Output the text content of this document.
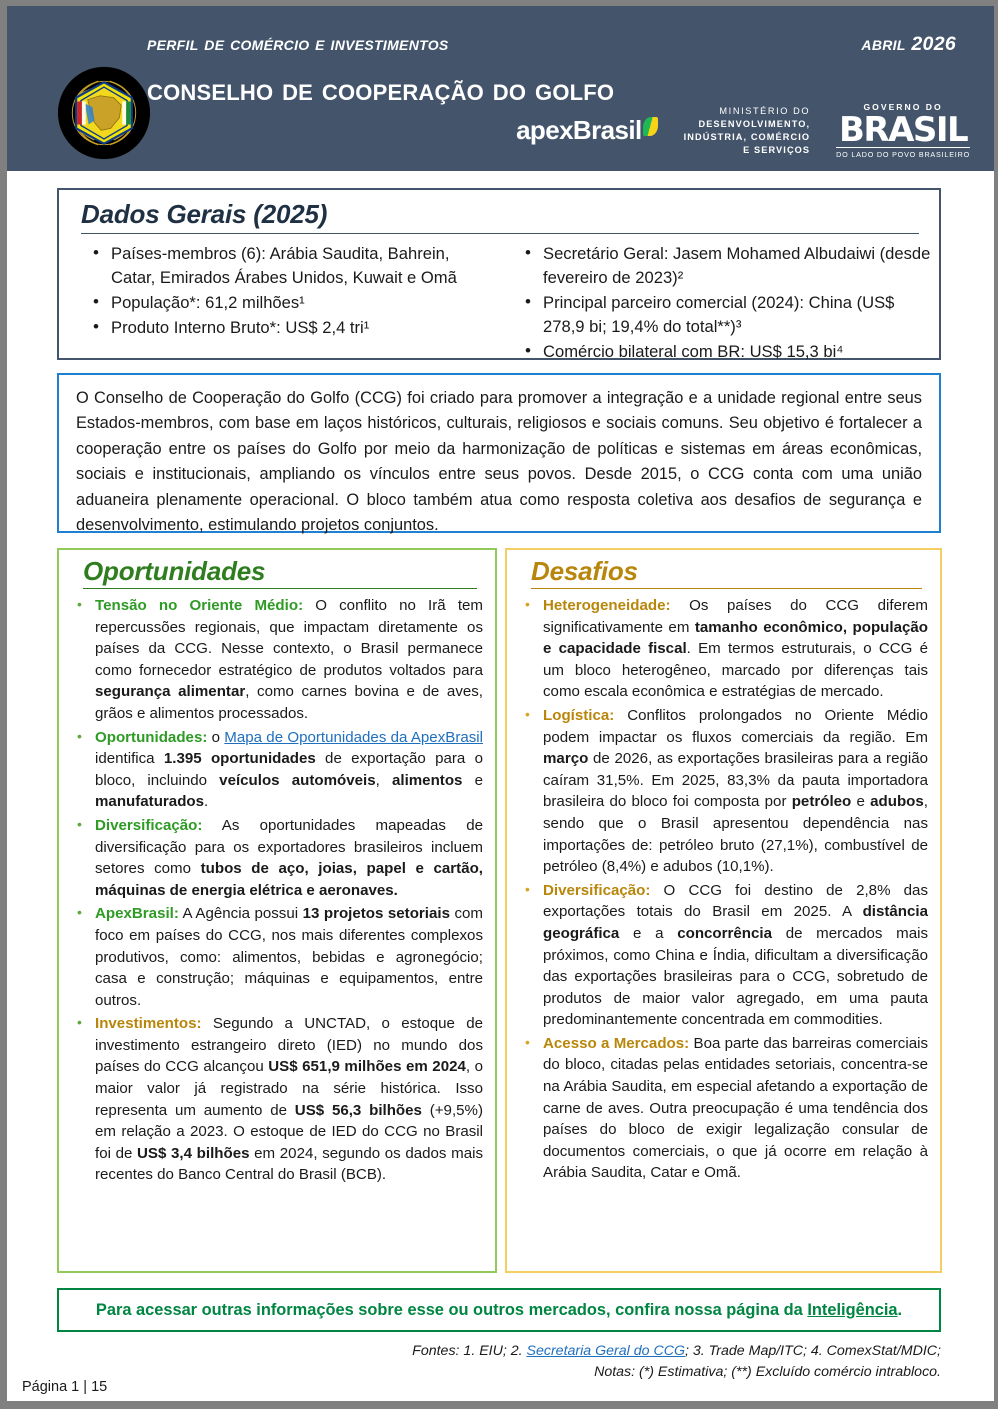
perfil de comércio e investimentos	abril 2026
conselho de cooperação do golfo
apexBrasil
MINISTÉRIO DO
DESENVOLVIMENTO,
INDÚSTRIA, COMÉRCIO
E SERVIÇOS
GOVERNO DO
BRASIL
DO LADO DO POVO BRASILEIRO
Dados Gerais (2025)
• Países-membros (6): Arábia Saudita, Bahrein, Catar, Emirados Árabes Unidos, Kuwait e Omã
• População*: 61,2 milhões¹
• Produto Interno Bruto*: US$ 2,4 tri¹
• Secretário Geral: Jasem Mohamed Albudaiwi (desde fevereiro de 2023)²
• Principal parceiro comercial (2024): China (US$ 278,9 bi; 19,4% do total**)³
• Comércio bilateral com BR: US$ 15,3 bi⁴
O Conselho de Cooperação do Golfo (CCG) foi criado para promover a integração e a unidade regional entre seus Estados-membros, com base em laços históricos, culturais, religiosos e sociais comuns. Seu objetivo é fortalecer a cooperação entre os países do Golfo por meio da harmonização de políticas e sistemas em áreas econômicas, sociais e institucionais, ampliando os vínculos entre seus povos. Desde 2015, o CCG conta com uma união aduaneira plenamente operacional. O bloco também atua como resposta coletiva aos desafios de segurança e desenvolvimento, estimulando projetos conjuntos.
Oportunidades
• Tensão no Oriente Médio: O conflito no Irã tem repercussões regionais, que impactam diretamente os países da CCG. Nesse contexto, o Brasil permanece como fornecedor estratégico de produtos voltados para segurança alimentar, como carnes bovina e de aves, grãos e alimentos processados.
• Oportunidades: o Mapa de Oportunidades da ApexBrasil identifica 1.395 oportunidades de exportação para o bloco, incluindo veículos automóveis, alimentos e manufaturados.
• Diversificação: As oportunidades mapeadas de diversificação para os exportadores brasileiros incluem setores como tubos de aço, joias, papel e cartão, máquinas de energia elétrica e aeronaves.
• ApexBrasil: A Agência possui 13 projetos setoriais com foco em países do CCG, nos mais diferentes complexos produtivos, como: alimentos, bebidas e agronegócio; casa e construção; máquinas e equipamentos, entre outros.
• Investimentos: Segundo a UNCTAD, o estoque de investimento estrangeiro direto (IED) no mundo dos países do CCG alcançou US$ 651,9 milhões em 2024, o maior valor já registrado na série histórica. Isso representa um aumento de US$ 56,3 bilhões (+9,5%) em relação a 2023. O estoque de IED do CCG no Brasil foi de US$ 3,4 bilhões em 2024, segundo os dados mais recentes do Banco Central do Brasil (BCB).
Desafios
• Heterogeneidade: Os países do CCG diferem significativamente em tamanho econômico, população e capacidade fiscal. Em termos estruturais, o CCG é um bloco heterogêneo, marcado por diferenças tais como escala econômica e estratégias de mercado.
• Logística: Conflitos prolongados no Oriente Médio podem impactar os fluxos comerciais da região. Em março de 2026, as exportações brasileiras para a região caíram 31,5%. Em 2025, 83,3% da pauta importadora brasileira do bloco foi composta por petróleo e adubos, sendo que o Brasil apresentou dependência nas importações de: petróleo bruto (27,1%), combustível de petróleo (8,4%) e adubos (10,1%).
• Diversificação: O CCG foi destino de 2,8% das exportações totais do Brasil em 2025. A distância geográfica e a concorrência de mercados mais próximos, como China e Índia, dificultam a diversificação das exportações brasileiras para o CCG, sobretudo de produtos de maior valor agregado, em uma pauta predominantemente concentrada em commodities.
• Acesso a Mercados: Boa parte das barreiras comerciais do bloco, citadas pelas entidades setoriais, concentra-se na Arábia Saudita, em especial afetando a exportação de carne de aves. Outra preocupação é uma tendência dos países do bloco de exigir legalização consular de documentos comerciais, o que já ocorre em relação à Arábia Saudita, Catar e Omã.
Para acessar outras informações sobre esse ou outros mercados, confira nossa página da Inteligência.
Fontes: 1. EIU; 2. Secretaria Geral do CCG; 3. Trade Map/ITC; 4. ComexStat/MDIC;
Notas: (*) Estimativa; (**) Excluído comércio intrabloco.
Página 1 | 15
